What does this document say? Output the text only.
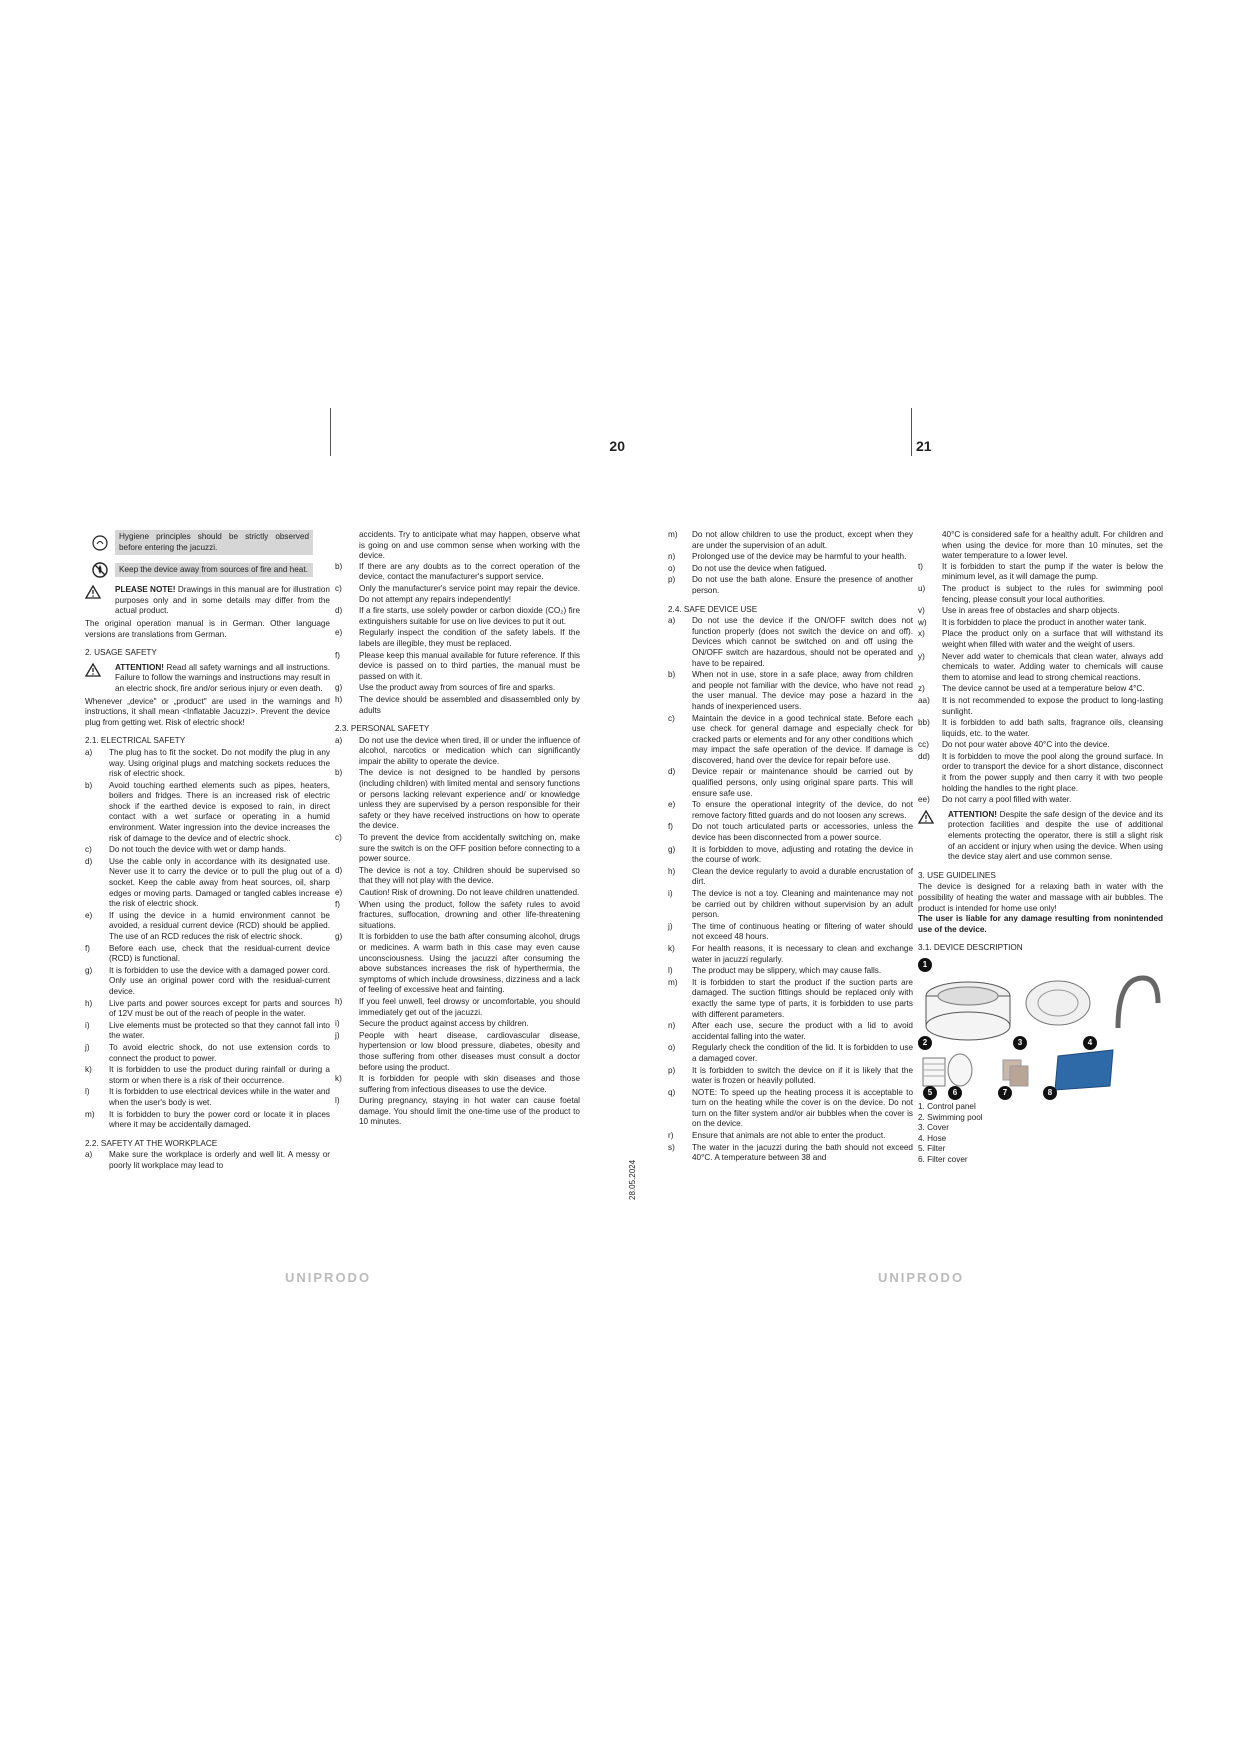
20
Hygiene principles should be strictly observed before entering the jacuzzi.
Keep the device away from sources of fire and heat.
PLEASE NOTE! Drawings in this manual are for illustration purposes only and in some details may differ from the actual product.

The original operation manual is in German. Other language versions are translations from German.

2. USAGE SAFETY

ATTENTION! Read all safety warnings and all instructions. Failure to follow the warnings and instructions may result in an electric shock, fire and/or serious injury or even death.

Whenever „device" or „product" are used in the warnings and instructions, it shall mean <Inflatable Jacuzzi>. Prevent the device plug from getting wet. Risk of electric shock!

2.1. ELECTRICAL SAFETY

a)	The plug has to fit the socket. Do not modify the plug in any way. Using original plugs and matching sockets reduces the risk of electric shock.
b)	Avoid touching earthed elements such as pipes, heaters, boilers and fridges. There is an increased risk of electric shock if the earthed device is exposed to rain, in direct contact with a wet surface or operating in a humid environment. Water ingression into the device increases the risk of damage to the device and of electric shock.
c)	Do not touch the device with wet or damp hands.
d)	Use the cable only in accordance with its designated use. Never use it to carry the device or to pull the plug out of a socket. Keep the cable away from heat sources, oil, sharp edges or moving parts. Damaged or tangled cables increase the risk of electric shock.
e)	If using the device in a humid environment cannot be avoided, a residual current device (RCD) should be applied. The use of an RCD reduces the risk of electric shock.
f)	Before each use, check that the residual-current device (RCD) is functional.
g)	It is forbidden to use the device with a damaged power cord. Only use an original power cord with the residual-current device.
h)	Live parts and power sources except for parts and sources of 12V must be out of the reach of people in the water.
i)	Live elements must be protected so that they cannot fall into the water.
j)	To avoid electric shock, do not use extension cords to connect the product to power.
k)	It is forbidden to use the product during rainfall or during a storm or when there is a risk of their occurrence.
l)	It is forbidden to use electrical devices while in the water and when the user's body is wet.
m)	It is forbidden to bury the power cord or locate it in places where it may be accidentally damaged.

2.2. SAFETY AT THE WORKPLACE

a)	Make sure the workplace is orderly and well lit. A messy or poorly lit workplace may lead to

accidents. Try to anticipate what may happen, observe what is going on and use common sense when working with the device.

b)	If there are any doubts as to the correct operation of the device, contact the manufacturer's support service.
c)	Only the manufacturer's service point may repair the device. Do not attempt any repairs independently!
d)	If a fire starts, use solely powder or carbon dioxide (CO₂) fire extinguishers suitable for use on live devices to put it out.
e)	Regularly inspect the condition of the safety labels. If the labels are illegible, they must be replaced.
f)	Please keep this manual available for future reference. If this device is passed on to third parties, the manual must be passed on with it.
g)	Use the product away from sources of fire and sparks.
h)	The device should be assembled and disassembled only by adults

2.3. PERSONAL SAFETY

a)	Do not use the device when tired, ill or under the influence of alcohol, narcotics or medication which can significantly impair the ability to operate the device.
b)	The device is not designed to be handled by persons (including children) with limited mental and sensory functions or persons lacking relevant experience and/ or knowledge unless they are supervised by a person responsible for their safety or they have received instructions on how to operate the device.
c)	To prevent the device from accidentally switching on, make sure the switch is on the OFF position before connecting to a power source.
d)	The device is not a toy. Children should be supervised so that they will not play with the device.
e)	Caution! Risk of drowning. Do not leave children unattended.
f)	When using the product, follow the safety rules to avoid fractures, suffocation, drowning and other life-threatening situations.
g)	It is forbidden to use the bath after consuming alcohol, drugs or medicines. A warm bath in this case may even cause unconsciousness. Using the jacuzzi after consuming the above substances increases the risk of hyperthermia, the symptoms of which include drowsiness, dizziness and a lack of feeling of excessive heat and fainting.
h)	If you feel unwell, feel drowsy or uncomfortable, you should immediately get out of the jacuzzi.
i)	Secure the product against access by children.
j)	People with heart disease, cardiovascular disease, hypertension or low blood pressure, diabetes, obesity and those suffering from other diseases must consult a doctor before using the product.
k)	It is forbidden for people with skin diseases and those suffering from infectious diseases to use the device.
l)	During pregnancy, staying in hot water can cause foetal damage. You should limit the one-time use of the product to 10 minutes.
UNIPRODO
21
m)	Do not allow children to use the product, except when they are under the supervision of an adult.
n)	Prolonged use of the device may be harmful to your health.
o)	Do not use the device when fatigued.
p)	Do not use the bath alone. Ensure the presence of another person.

2.4. SAFE DEVICE USE

a)	Do not use the device if the ON/OFF switch does not function properly (does not switch the device on and off). Devices which cannot be switched on and off using the ON/OFF switch are hazardous, should not be operated and have to be repaired.
b)	When not in use, store in a safe place, away from children and people not familiar with the device, who have not read the user manual. The device may pose a hazard in the hands of inexperienced users.
c)	Maintain the device in a good technical state. Before each use check for general damage and especially check for cracked parts or elements and for any other conditions which may impact the safe operation of the device. If damage is discovered, hand over the device for repair before use.
d)	Device repair or maintenance should be carried out by qualified persons, only using original spare parts. This will ensure safe use.
e)	To ensure the operational integrity of the device, do not remove factory fitted guards and do not loosen any screws.
f)	Do not touch articulated parts or accessories, unless the device has been disconnected from a power source.
g)	It is forbidden to move, adjusting and rotating the device in the course of work.
h)	Clean the device regularly to avoid a durable encrustation of dirt.
i)	The device is not a toy. Cleaning and maintenance may not be carried out by children without supervision by an adult person.
j)	The time of continuous heating or filtering of water should not exceed 48 hours.
k)	For health reasons, it is necessary to clean and exchange water in jacuzzi regularly.
l)	The product may be slippery, which may cause falls.
m)	It is forbidden to start the product if the suction parts are damaged. The suction fittings should be replaced only with exactly the same type of parts, it is forbidden to use parts with different parameters.
n)	After each use, secure the product with a lid to avoid accidental falling into the water.
o)	Regularly check the condition of the lid. It is forbidden to use a damaged cover.
p)	It is forbidden to switch the device on if it is likely that the water is frozen or heavily polluted.
q)	NOTE: To speed up the heating process it is acceptable to turn on the heating while the cover is on the device. Do not turn on the filter system and/or air bubbles when the cover is on the device.
r)	Ensure that animals are not able to enter the product.
s)	The water in the jacuzzi during the bath should not exceed 40°C. A temperature between 38 and

40°C is considered safe for a healthy adult. For children and when using the device for more than 10 minutes, set the water temperature to a lower level.

t)	It is forbidden to start the pump if the water is below the minimum level, as it will damage the pump.
u)	The product is subject to the rules for swimming pool fencing, please consult your local authorities.
v)	Use in areas free of obstacles and sharp objects.
w)	It is forbidden to place the product in another water tank.
x)	Place the product only on a surface that will withstand its weight when filled with water and the weight of users.
y)	Never add water to chemicals that clean water, always add chemicals to water. Adding water to chemicals will cause them to atomise and lead to strong chemical reactions.
z)	The device cannot be used at a temperature below 4°C.
aa)	It is not recommended to expose the product to long-lasting sunlight.
bb)	It is forbidden to add bath salts, fragrance oils, cleansing liquids, etc. to the water.
cc)	Do not pour water above 40°C into the device.
dd)	It is forbidden to move the pool along the ground surface. In order to transport the device for a short distance, disconnect it from the power supply and then carry it with two people holding the handles to the right place.
ee)	Do not carry a pool filled with water.
ATTENTION! Despite the safe design of the device and its protection facilities and despite the use of additional elements protecting the operator, there is still a slight risk of an accident or injury when using the device. When using the device stay alert and use common sense.

3. USE GUIDELINES

The device is designed for a relaxing bath in water with the possibility of heating the water and massage with air bubbles. The product is intended for home use only!

The user is liable for any damage resulting from nonintended use of the device.

3.1. DEVICE DESCRIPTION

1
2	3	4
5	6	7	8

1. Control panel

2. Swimming pool

3. Cover

4. Hose

5. Filter

6. Filter cover

UNIPRODO
28.05.2024
